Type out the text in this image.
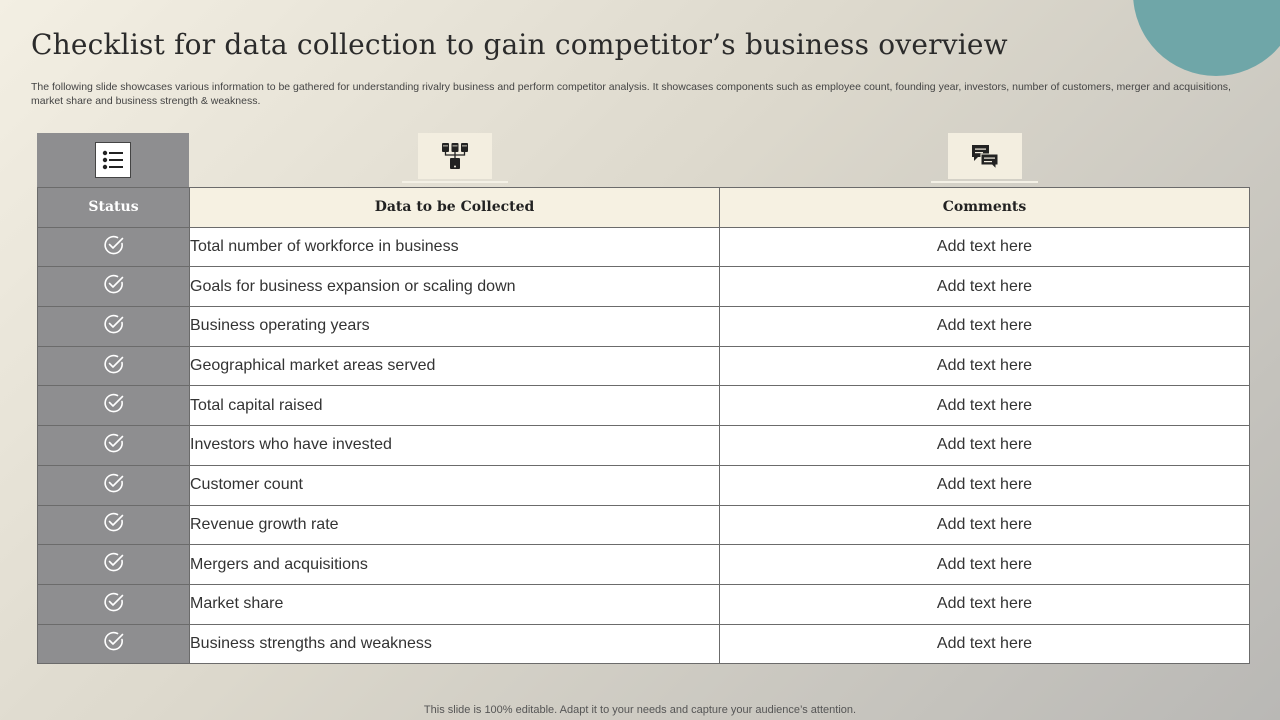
Checklist for data collection to gain competitor’s business overview

The following slide showcases various information to be gathered for understanding rivalry business and perform competitor analysis. It showcases components such as employee count, founding year, investors, number of customers, merger and acquisitions, market share and business strength & weakness.

Status	Data to be Collected	Comments
	Total number of workforce in business	Add text here
	Goals for business expansion or scaling down	Add text here
	Business operating years	Add text here
	Geographical market areas served	Add text here
	Total capital raised	Add text here
	Investors who have invested	Add text here
	Customer count	Add text here
	Revenue growth rate	Add text here
	Mergers and acquisitions	Add text here
	Market share	Add text here
	Business strengths and weakness	Add text here
This slide is 100% editable. Adapt it to your needs and capture your audience’s attention.
